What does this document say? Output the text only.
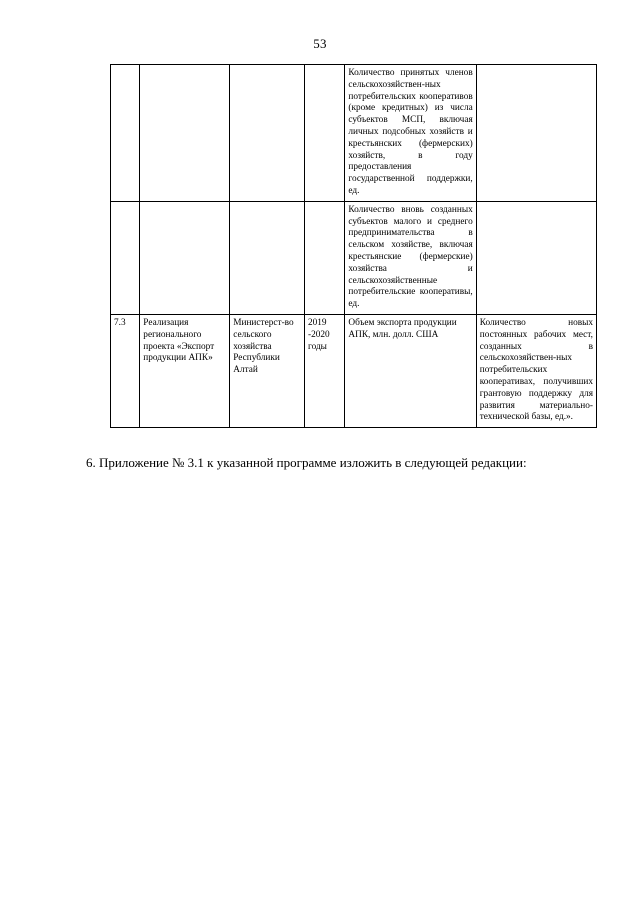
53
				Количество принятых членов сельскохозяйствен-ных потребительских кооперативов (кроме кредитных) из числа субъектов МСП, включая личных подсобных хозяйств и крестьянских (фермерских) хозяйств, в году предоставления государственной поддержки, ед.	
				Количество вновь созданных субъектов малого и среднего предпринимательства в сельском хозяйстве, включая крестьянские (фермерские) хозяйства и сельскохозяйственные потребительские кооперативы, ед.	
7.3	Реализация регионального проекта «Экспорт продукции АПК»	Министерст-во сельского хозяйства Республики Алтай	2019 -2020 годы	Объем экспорта продукции АПК, млн. долл. США	Количество новых постоянных рабочих мест, созданных в сельскохозяйствен-ных потребительских кооперативах, получивших грантовую поддержку для развития материально-технической базы, ед.».
6. Приложение № 3.1 к указанной программе изложить в следующей редакции:
